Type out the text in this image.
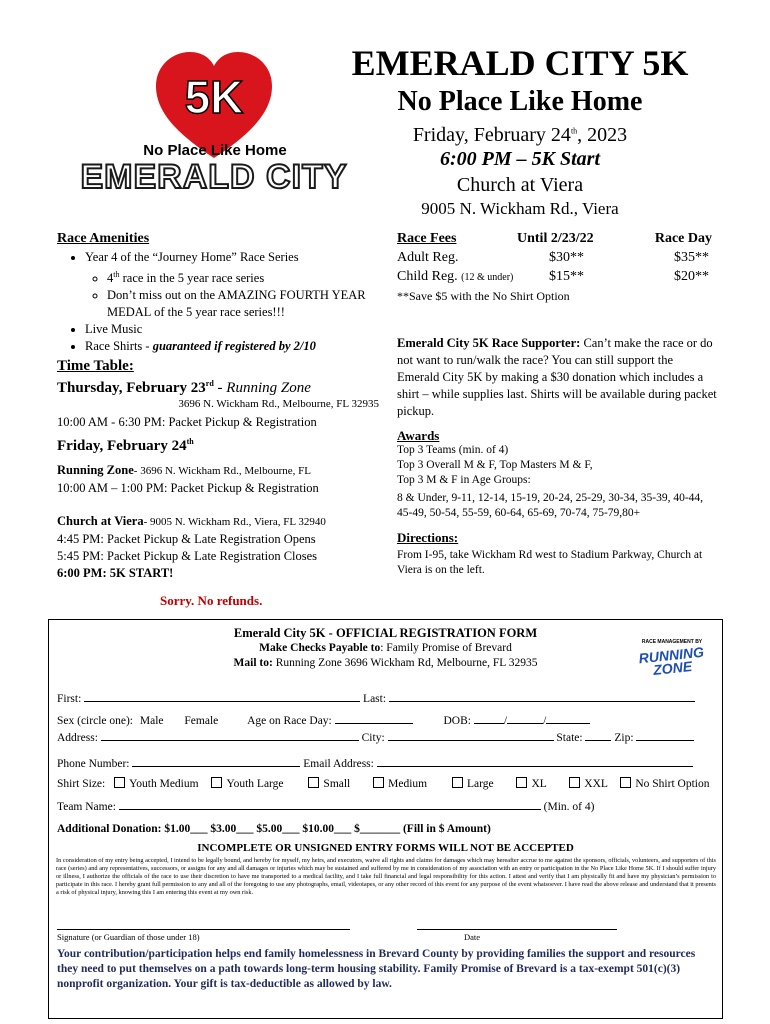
5K
No Place Like Home
EMERALD CITY
EMERALD CITY 5K
No Place Like Home
Friday, February 24th, 2023
6:00 PM – 5K Start
Church at Viera
9005 N. Wickham Rd., Viera
Race Amenities
• Year 4 of the “Journey Home” Race Series
◦ 4th race in the 5 year race series
◦ Don’t miss out on the AMAZING FOURTH YEAR MEDAL of the 5 year race series!!!
• Live Music
• Race Shirts - guaranteed if registered by 2/10
Time Table:
Thursday, February 23rd - Running Zone
3696 N. Wickham Rd., Melbourne, FL 32935
10:00 AM - 6:30 PM: Packet Pickup & Registration
Friday, February 24th
Running Zone- 3696 N. Wickham Rd., Melbourne, FL
10:00 AM – 1:00 PM: Packet Pickup & Registration
Church at Viera- 9005 N. Wickham Rd., Viera, FL 32940
4:45 PM: Packet Pickup & Late Registration Opens
5:45 PM: Packet Pickup & Late Registration Closes
6:00 PM: 5K START!
Sorry. No refunds.
Race Fees	Until 2/23/22	Race Day
Adult Reg.	$30**	$35**
Child Reg. (12 & under)	$15**	$20**
**Save $5 with the No Shirt Option
Emerald City 5K Race Supporter: Can’t make the race or do not want to run/walk the race? You can still support the Emerald City 5K by making a $30 donation which includes a shirt – while supplies last. Shirts will be available during packet pickup.
Awards
Top 3 Teams (min. of 4)
Top 3 Overall M & F, Top Masters M & F,
Top 3 M & F in Age Groups:
8 & Under, 9-11, 12-14, 15-19, 20-24, 25-29, 30-34, 35-39, 40-44, 45-49, 50-54, 55-59, 60-64, 65-69, 70-74, 75-79,80+
Directions:
From I-95, take Wickham Rd west to Stadium Parkway, Church at Viera is on the left.
Emerald City 5K - OFFICIAL REGISTRATION FORM
Make Checks Payable to: Family Promise of Brevard
Mail to: Running Zone 3696 Wickham Rd, Melbourne, FL 32935
RACE MANAGEMENT BY
RUNNING ZONE
First:	Last:
Sex (circle one): Male Female	Age on Race Day:	DOB:	/	/
Address:	City:	State:	Zip:
Phone Number:	Email Address:
Shirt Size: Youth Medium Youth Large	Small	Medium	Large	XL	XXL No Shirt Option
Team Name:	(Min. of 4)
Additional Donation: $1.00___ $3.00___ $5.00___ $10.00___ $_______ (Fill in $ Amount)
INCOMPLETE OR UNSIGNED ENTRY FORMS WILL NOT BE ACCEPTED
In consideration of my entry being accepted, I intend to be legally bound, and hereby for myself, my heirs, and executors, waive all rights and claims for damages which may hereafter accrue to me against the sponsors, officials, volunteers, and supporters of this race (series) and any representatives, successors, or assigns for any and all damages or injuries which may be sustained and suffered by me in consideration of my association with an entry or participation in the No Place Like Home 5K. If I should suffer injury or illness, I authorize the officials of the race to use their discretion to have me transported to a medical facility, and I take full financial and legal responsibility for this action. I attest and verify that I am physically fit and have my physician’s permission to participate in this race. I hereby grant full permission to any and all of the foregoing to use any photographs, email, videotapes, or any other record of this event for any purpose of the event whatsoever. I have read the above release and understand that it presents a risk of physical injury, knowing this I am entering this event at my own risk.
Signature (or Guardian of those under 18)	Date
Your contribution/participation helps end family homelessness in Brevard County by providing families the support and resources they need to put themselves on a path towards long-term housing stability. Family Promise of Brevard is a tax-exempt 501(c)(3) nonprofit organization. Your gift is tax-deductible as allowed by law.
